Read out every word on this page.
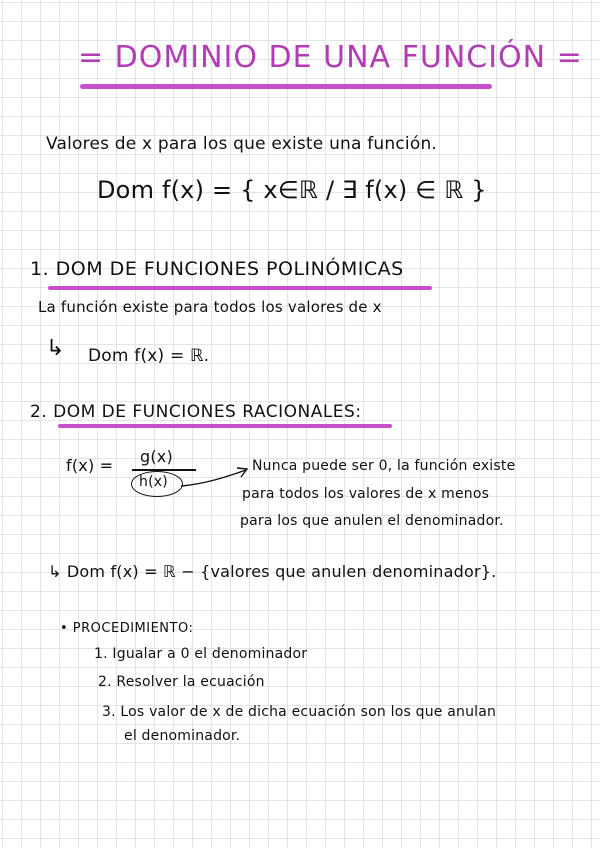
= DOMINIO DE UNA FUNCIÓN =
Valores de x para los que existe una función.
Dom f(x) = { x∈ℝ / ∃ f(x) ∈ ℝ }
1. DOM DE FUNCIONES POLINÓMICAS
La función existe para todos los valores de x
↳ Dom f(x) = ℝ.
2. DOM DE FUNCIONES RACIONALES:
f(x) = g(x)
h(x)
Nunca puede ser 0, la función existe
para todos los valores de x menos
para los que anulen el denominador.
↳ Dom f(x) = ℝ − {valores que anulen denominador}.
• PROCEDIMIENTO:
1. Igualar a 0 el denominador
2. Resolver la ecuación
3. Los valor de x de dicha ecuación son los que anulan
el denominador.
